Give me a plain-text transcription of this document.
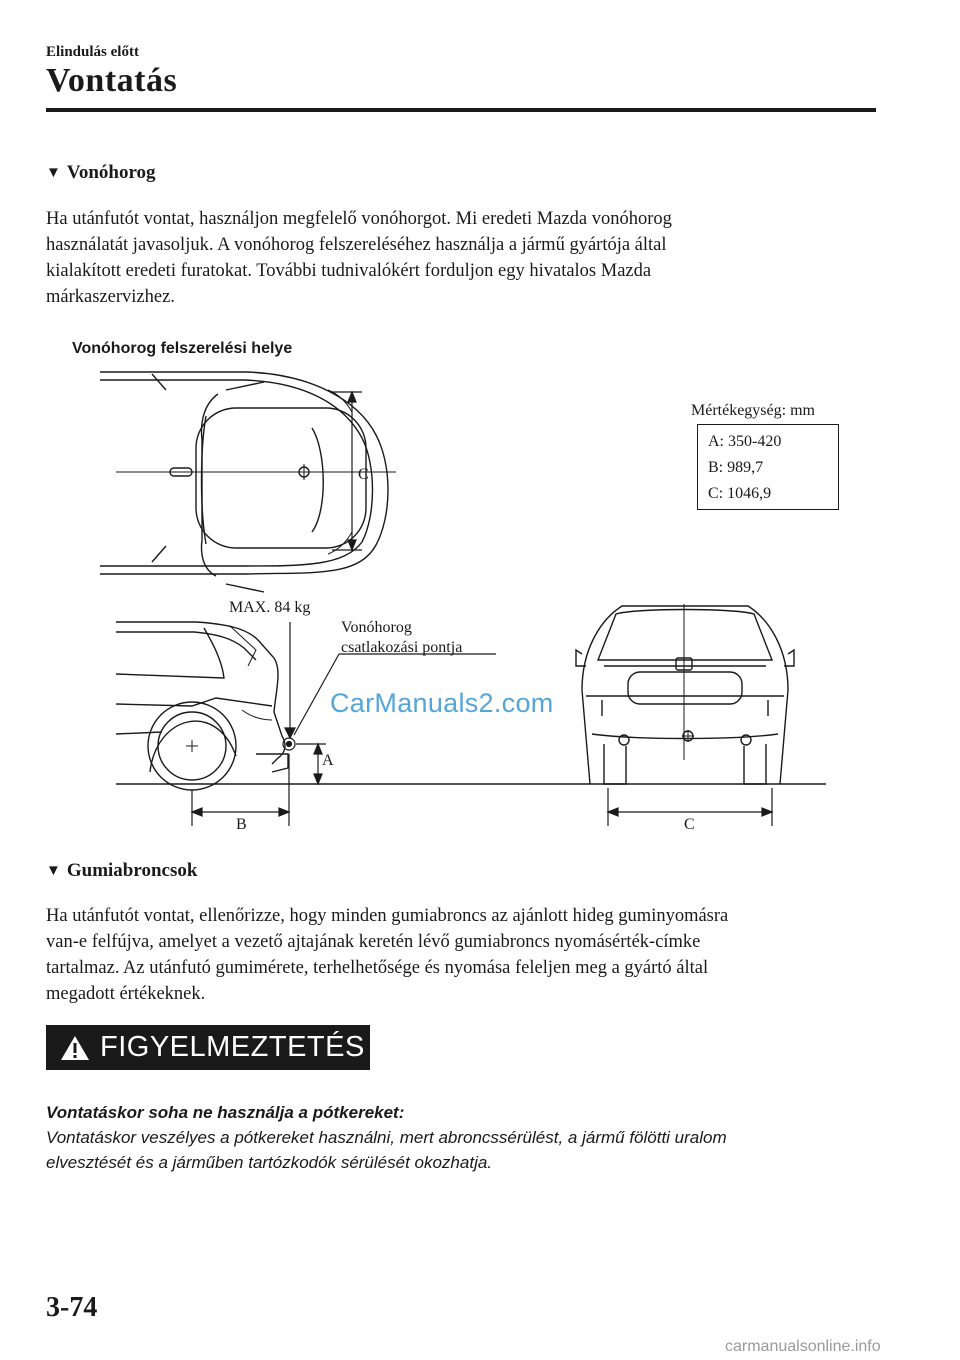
Elindulás előtt
Vontatás
▼ Vonóhorog
Ha utánfutót vontat, használjon megfelelő vonóhorgot. Mi eredeti Mazda vonóhorog
használatát javasoljuk. A vonóhorog felszereléséhez használja a jármű gyártója által
kialakított eredeti furatokat. További tudnivalókért forduljon egy hivatalos Mazda
márkaszervizhez.
Vonóhorog felszerelési helye
Mértékegység: mm
A: 350-420
B: 989,7
C: 1046,9
C
MAX. 84 kg
Vonóhorog
csatlakozási pontja
A
B	C
CarManuals2.com
▼ Gumiabroncsok
Ha utánfutót vontat, ellenőrizze, hogy minden gumiabroncs az ajánlott hideg guminyomásra
van-e felfújva, amelyet a vezető ajtajának keretén lévő gumiabroncs nyomásérték-címke
tartalmaz. Az utánfutó gumimérete, terhelhetősége és nyomása feleljen meg a gyártó által
megadott értékeknek.
FIGYELMEZTETÉS
Vontatáskor soha ne használja a pótkereket:
Vontatáskor veszélyes a pótkereket használni, mert abroncssérülést, a jármű fölötti uralom
elvesztését és a járműben tartózkodók sérülését okozhatja.
3-74
carmanualsonline.info
